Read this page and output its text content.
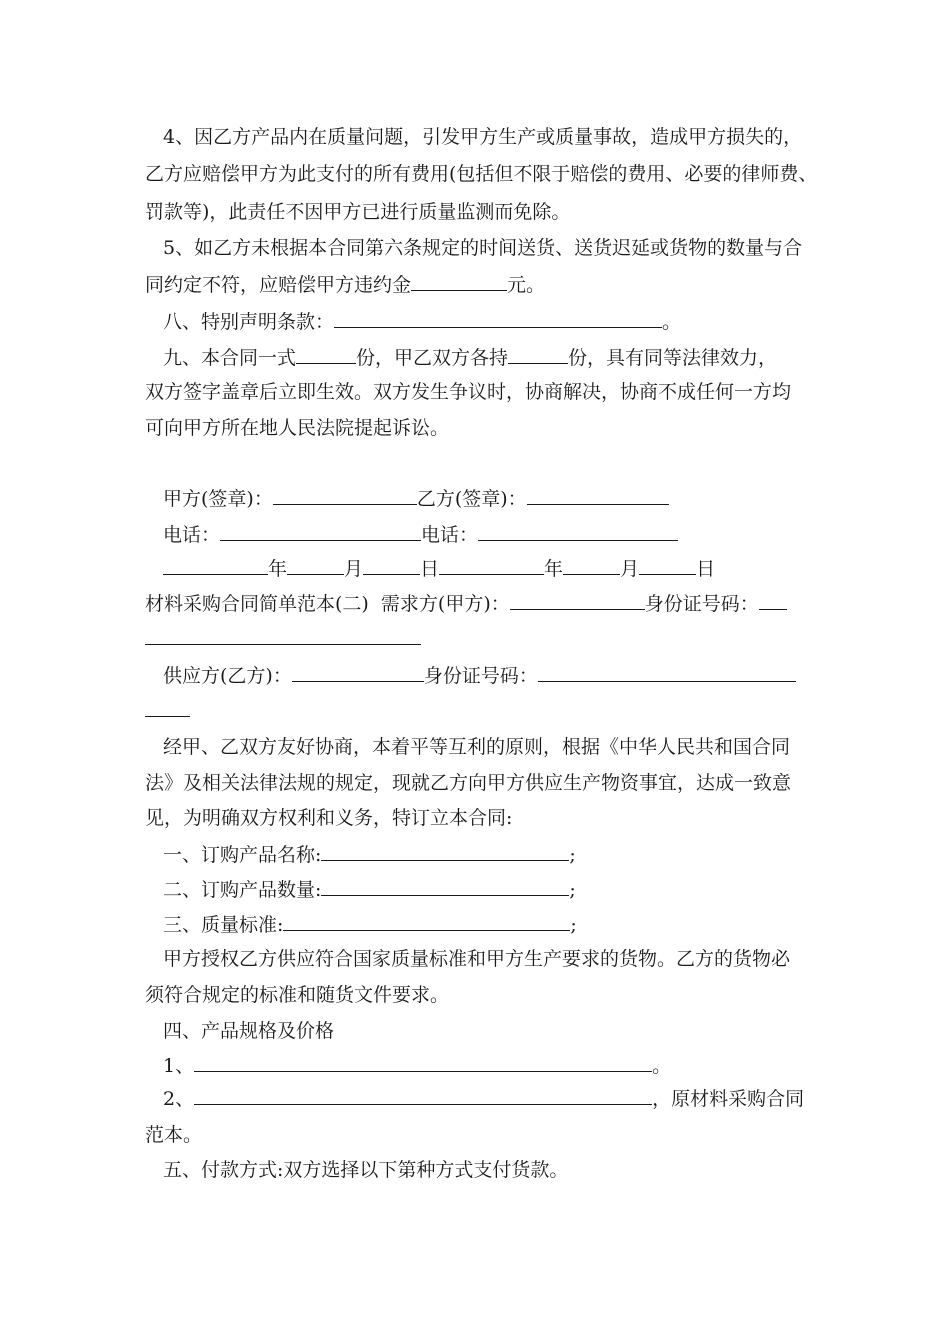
4、因乙方产品内在质量问题，引发甲方生产或质量事故，造成甲方损失的，
乙方应赔偿甲方为此支付的所有费用(包括但不限于赔偿的费用、必要的律师费、
罚款等)，此责任不因甲方已进行质量监测而免除。
5、如乙方未根据本合同第六条规定的时间送货、送货迟延或货物的数量与合
同约定不符，应赔偿甲方违约金	元。
八、特别声明条款：	。
九、本合同一式	份，甲乙双方各持	份，具有同等法律效力，
双方签字盖章后立即生效。双方发生争议时，协商解决，协商不成任何一方均
可向甲方所在地人民法院提起诉讼。
甲方(签章)：	乙方(签章)：
电话：	电话：
年	月	日	年	月	日
材料采购合同简单范本(二)  需求方(甲方)：	身份证号码：
供应方(乙方)：	身份证号码：
经甲、乙双方友好协商，本着平等互利的原则，根据《中华人民共和国合同
法》及相关法律法规的规定，现就乙方向甲方供应生产物资事宜，达成一致意
见，为明确双方权利和义务，特订立本合同:
一、订购产品名称:	;
二、订购产品数量:	;
三、质量标准:	;
甲方授权乙方供应符合国家质量标准和甲方生产要求的货物。乙方的货物必
须符合规定的标准和随货文件要求。
四、产品规格及价格
1、	。
2、	，原材料采购合同
范本。
五、付款方式:双方选择以下第种方式支付货款。
